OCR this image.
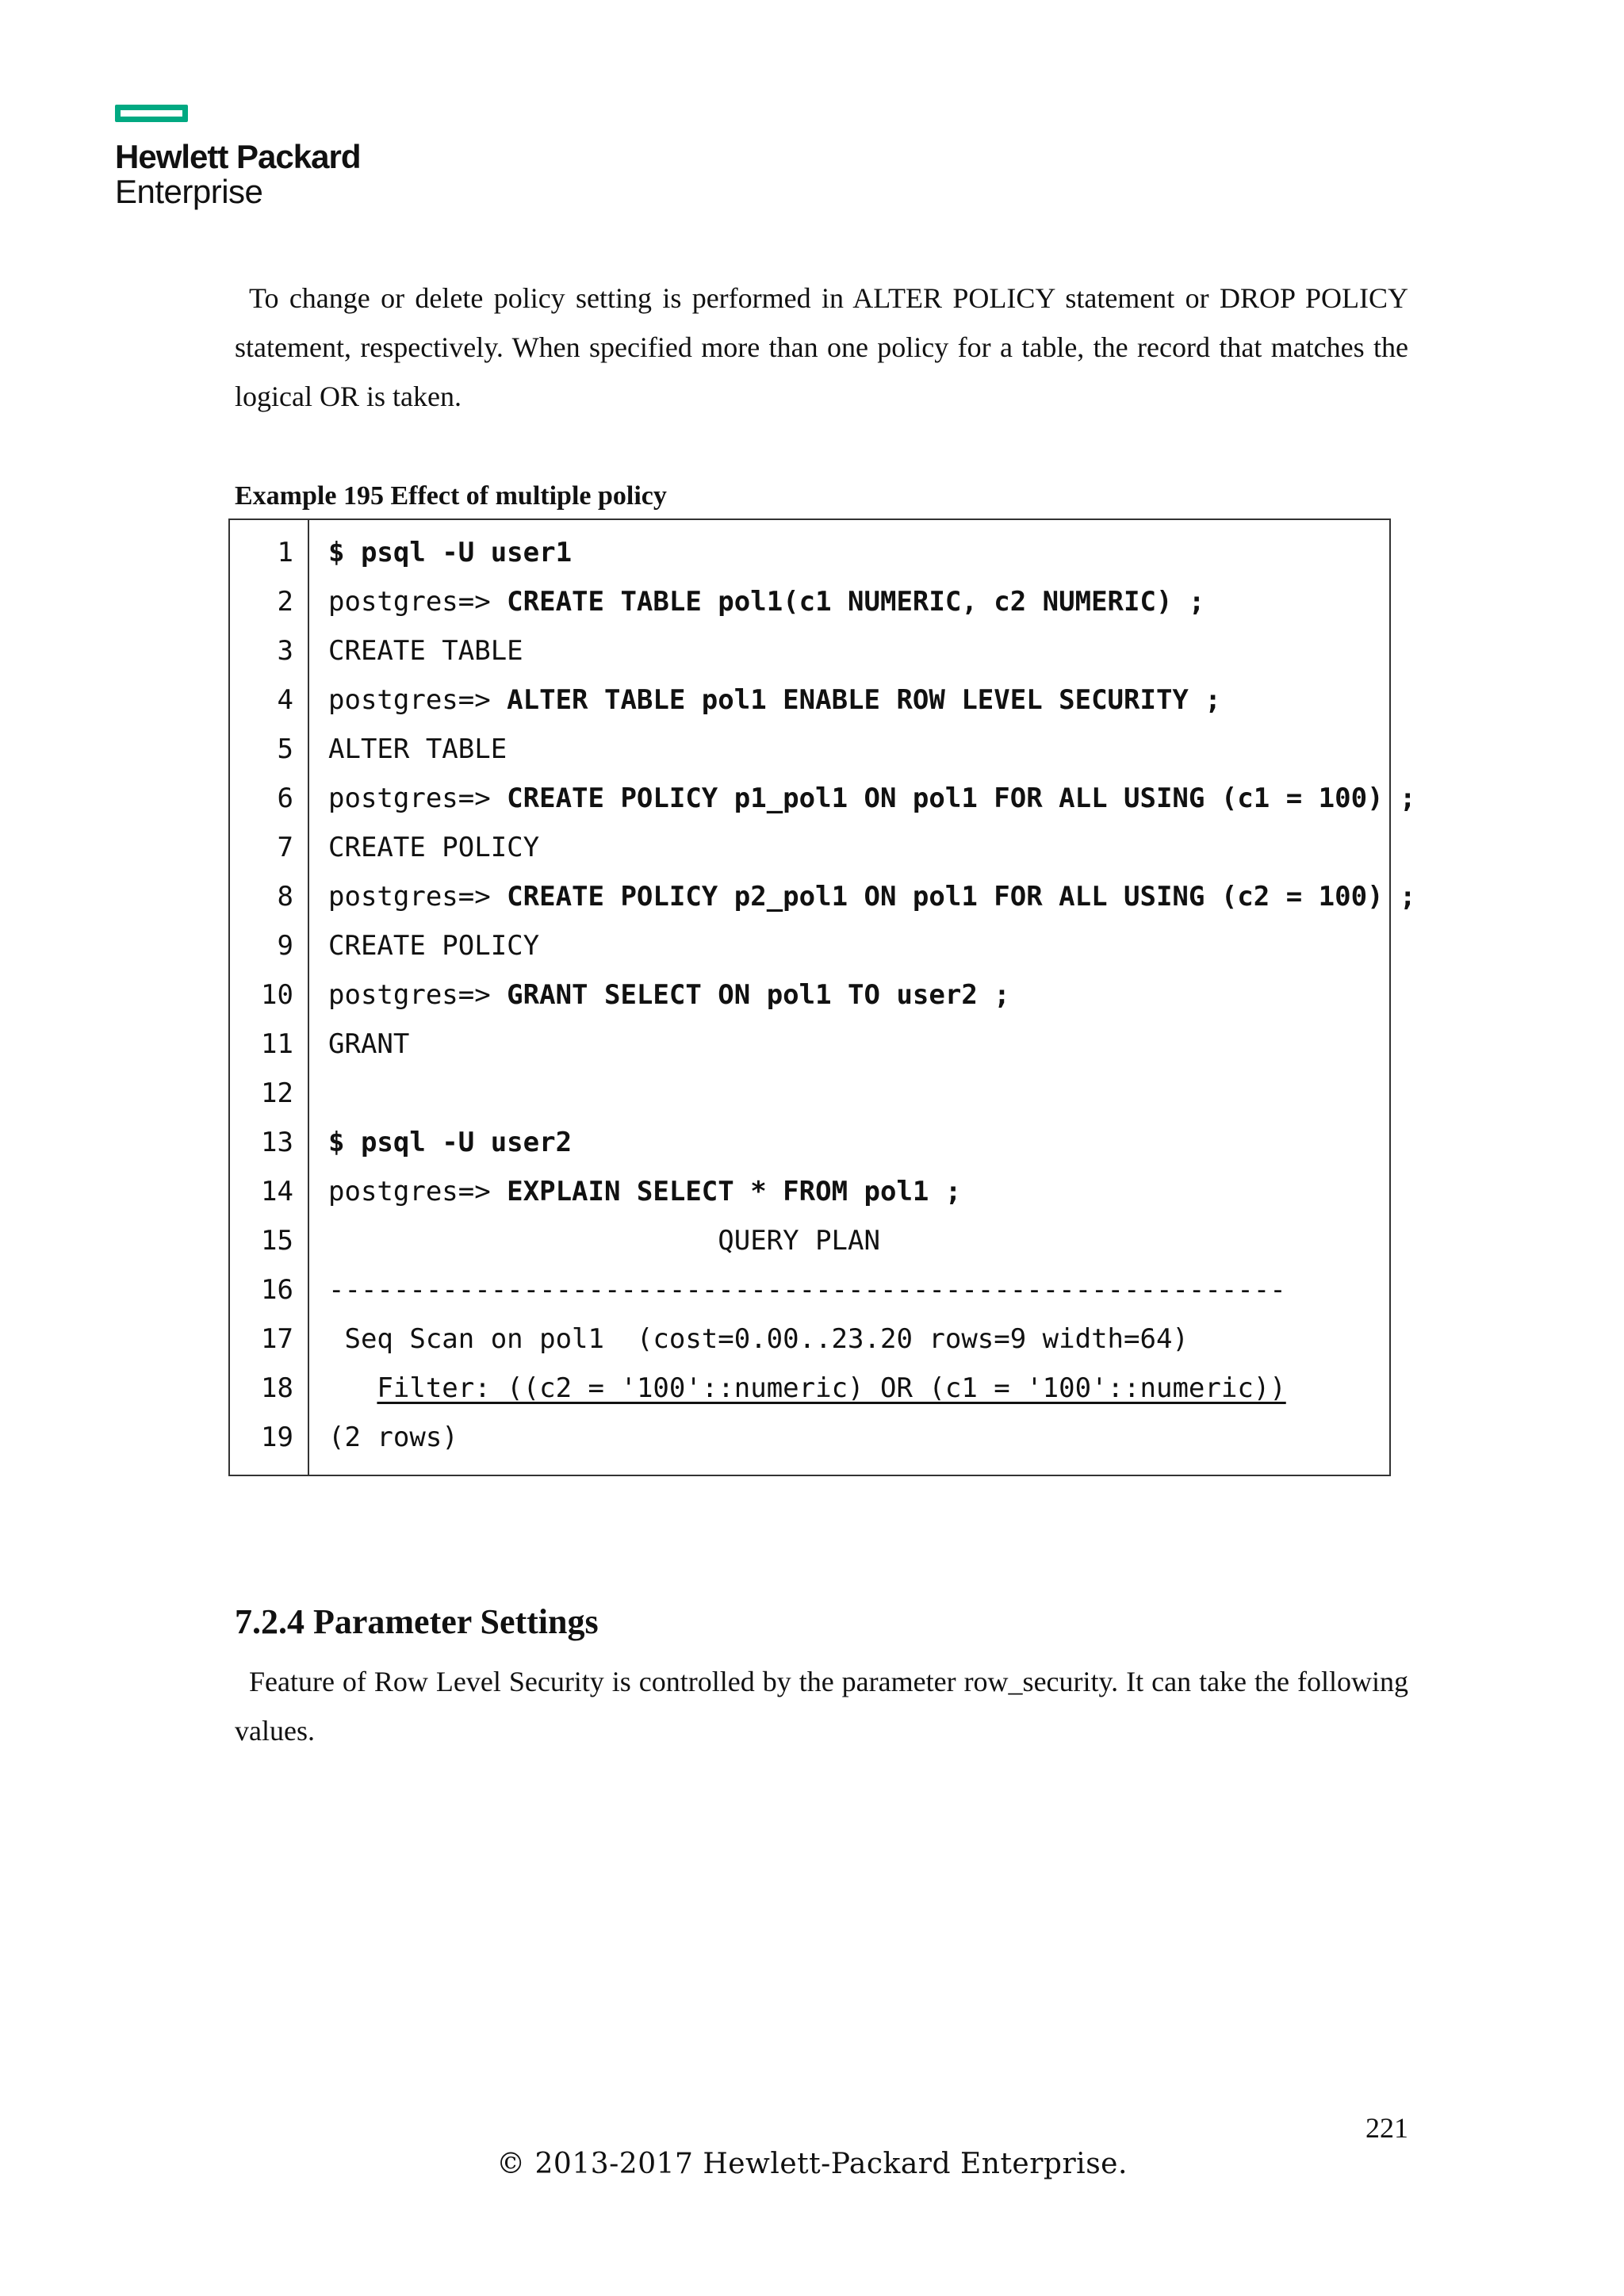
Hewlett Packard
Enterprise
To change or delete policy setting is performed in ALTER POLICY statement or DROP POLICY statement, respectively. When specified more than one policy for a table, the record that matches the logical OR is taken.
Example 195 Effect of multiple policy
1 $ psql -U user1
2 postgres=> CREATE TABLE pol1(c1 NUMERIC, c2 NUMERIC) ;
3 CREATE TABLE
4 postgres=> ALTER TABLE pol1 ENABLE ROW LEVEL SECURITY ;
5 ALTER TABLE
6 postgres=> CREATE POLICY p1_pol1 ON pol1 FOR ALL USING (c1 = 100) ;
7 CREATE POLICY
8 postgres=> CREATE POLICY p2_pol1 ON pol1 FOR ALL USING (c2 = 100) ;
9 CREATE POLICY
10 postgres=> GRANT SELECT ON pol1 TO user2 ;
11 GRANT
12
13 $ psql -U user2
14 postgres=> EXPLAIN SELECT * FROM pol1 ;
15 QUERY PLAN
16 -----------------------------------------------------------
17 Seq Scan on pol1  (cost=0.00..23.20 rows=9 width=64)
18	Filter: ((c2 = '100'::numeric) OR (c1 = '100'::numeric))
19 (2 rows)
7.2.4 Parameter Settings
Feature of Row Level Security is controlled by the parameter row_security. It can take the following values.
221
© 2013-2017 Hewlett-Packard Enterprise.
